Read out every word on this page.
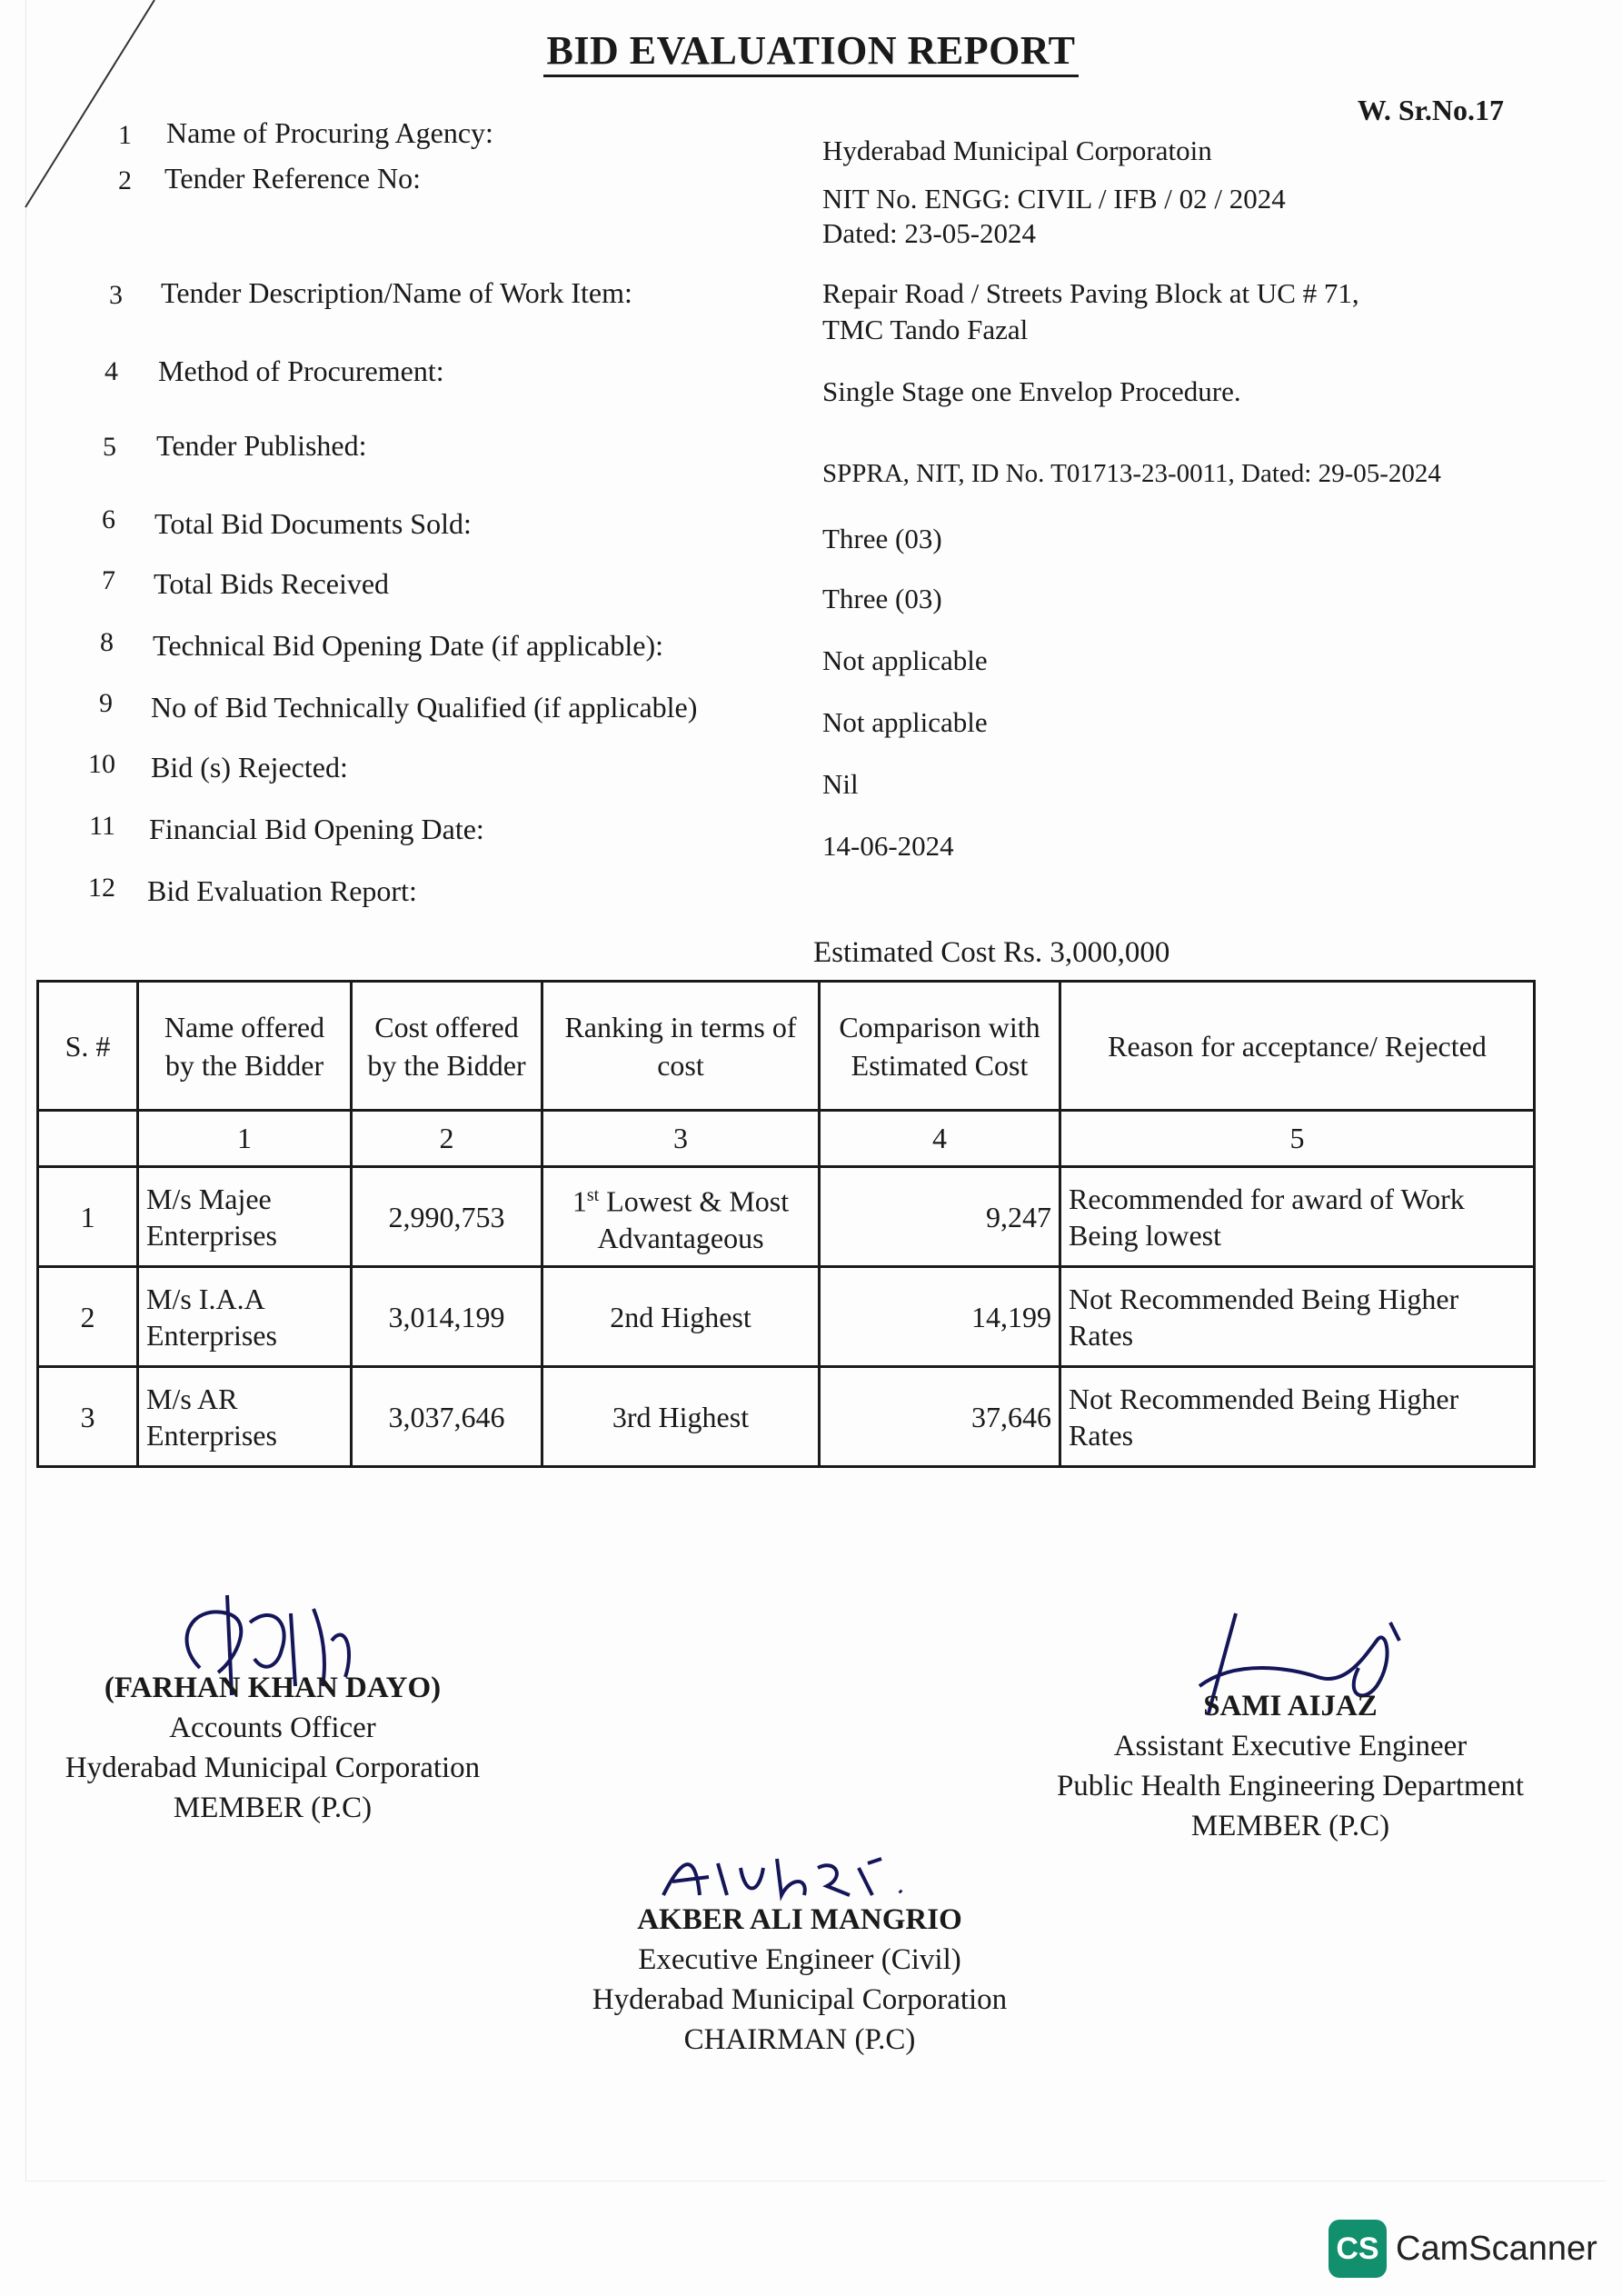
BID EVALUATION REPORT
W. Sr.No.17
1 Name of Procuring Agency:
Hyderabad Municipal Corporatoin
2 Tender Reference No:
NIT No. ENGG: CIVIL / IFB / 02 / 2024
Dated: 23-05-2024
3 Tender Description/Name of Work Item:	Repair Road / Streets Paving Block at UC # 71,
TMC Tando Fazal
4 Method of Procurement:
Single Stage one Envelop Procedure.
5 Tender Published:
SPPRA, NIT, ID No. T01713-23-0011, Dated: 29-05-2024
6 Total Bid Documents Sold:	Three (03)
7 Total Bids Received	Three (03)
8 Technical Bid Opening Date (if applicable):	Not applicable
9 No of Bid Technically Qualified (if applicable)	Not applicable
10 Bid (s) Rejected:
Nil
11 Financial Bid Opening Date:
14-06-2024
12 Bid Evaluation Report:
Estimated Cost Rs. 3,000,000
S. #	Name offered by the Bidder	Cost offered by the Bidder	Ranking in terms of cost	Comparison with Estimated Cost	Reason for acceptance/ Rejected
	1	2	3	4	5
1	M/s Majee Enterprises	2,990,753	1st Lowest & Most Advantageous	9,247	Recommended for award of Work Being lowest
2	M/s I.A.A Enterprises	3,014,199	2nd Highest	14,199	Not Recommended Being Higher Rates
3	M/s AR Enterprises	3,037,646	3rd Highest	37,646	Not Recommended Being Higher Rates
(FARHAN KHAN DAYO)
Accounts Officer
Hyderabad Municipal Corporation
MEMBER (P.C)
SAMI AIJAZ
Assistant Executive Engineer
Public Health Engineering Department
MEMBER (P.C)
AKBER ALI MANGRIO
Executive Engineer (Civil)
Hyderabad Municipal Corporation
CHAIRMAN (P.C)
CS CamScanner
